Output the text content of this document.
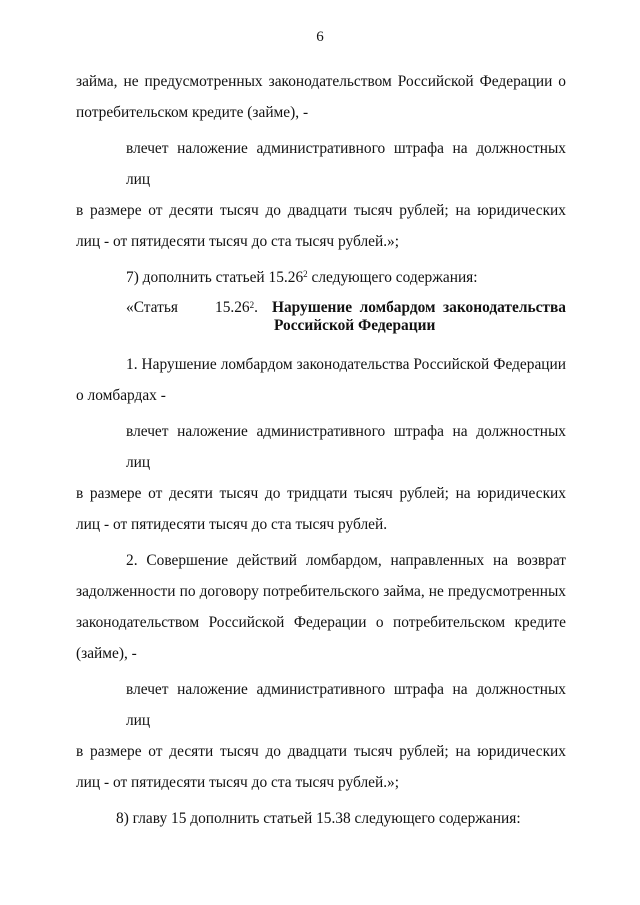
6

займа, не предусмотренных законодательством Российской Федерации о
потребительском кредите (займе), -

влечет наложение административного штрафа на должностных лиц
в размере от десяти тысяч до двадцати тысяч рублей; на юридических
лиц - от пятидесяти тысяч до ста тысяч рублей.»;

7) дополнить статьей 15.26$^2$ следующего содержания:

«Статья 15.26$^2$. Нарушение ломбардом законодательства
Российской Федерации

1. Нарушение ломбардом законодательства Российской Федерации
о ломбардах -

влечет наложение административного штрафа на должностных лиц
в размере от десяти тысяч до тридцати тысяч рублей; на юридических
лиц - от пятидесяти тысяч до ста тысяч рублей.

2. Совершение действий ломбардом, направленных на возврат
задолженности по договору потребительского займа, не предусмотренных
законодательством Российской Федерации о потребительском кредите
(займе), -

влечет наложение административного штрафа на должностных лиц
в размере от десяти тысяч до двадцати тысяч рублей; на юридических
лиц - от пятидесяти тысяч до ста тысяч рублей.»;

8) главу 15 дополнить статьей 15.38 следующего содержания:
